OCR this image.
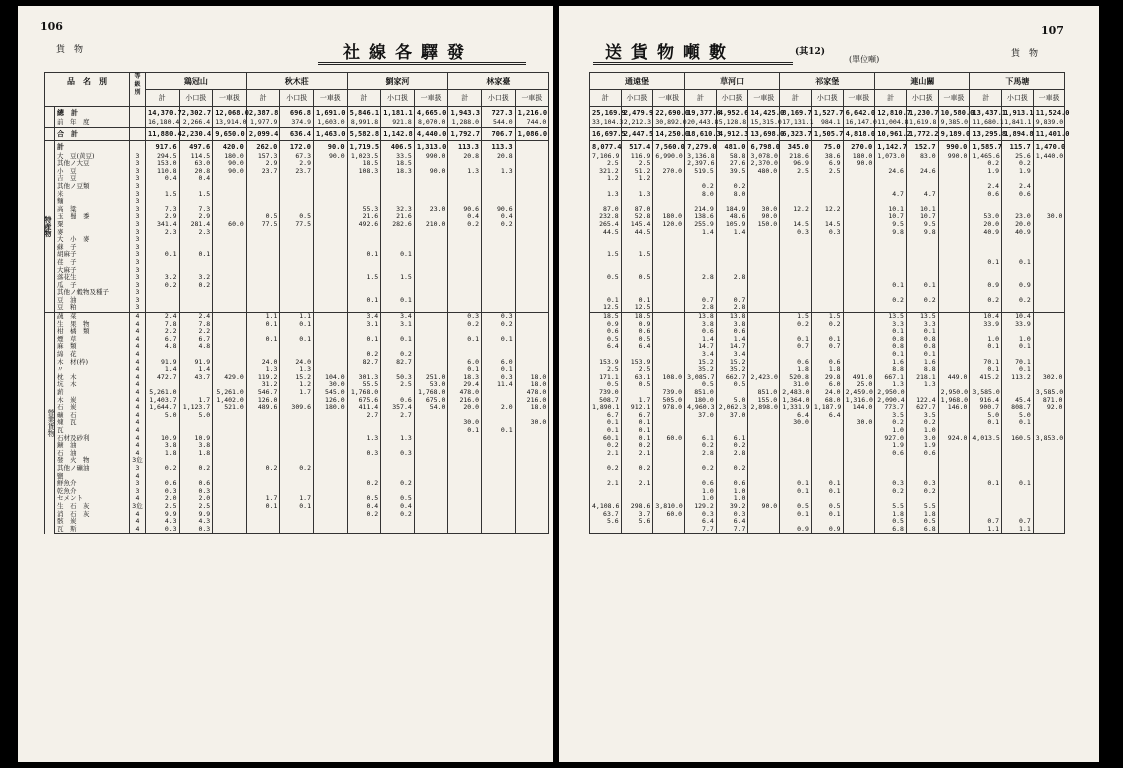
106
貨　物	社線各驛發
品　名　別		等級別	鶏冠山			秋木莊			劉家河			林家臺		
			計	小口扱	一車扱	計	小口扱	一車扱	計	小口扱	一車扱	計	小口扱	一車扱
	總　計		14,370.7	2,302.7	12,068.0	2,387.8	696.8	1,691.0	5,846.1	1,181.1	4,665.0	1,943.3	727.3	1,216.0
	前　年　度		16,180.4	2,266.4	13,914.0	1,977.9	374.9	1,603.0	8,991.8	921.8	8,070.0	1,288.0	544.0	744.0
	合　計		11,880.4	2,230.4	9,650.0	2,099.4	636.4	1,463.0	5,582.8	1,142.8	4,440.0	1,792.7	706.7	1,086.0
特産物	計		917.6	497.6	420.0	262.0	172.0	90.0	1,719.5	406.5	1,313.0	113.3	113.3	
	大　豆(黄豆)	3	294.5	114.5	180.0	157.3	67.3	90.0	1,023.5	33.5	990.0	20.8	20.8	
	其他ノ大豆	3	153.0	63.0	90.0	2.9	2.9		18.5	18.5				
	小　豆	3	110.8	20.8	90.0	23.7	23.7		108.3	18.3	90.0	1.3	1.3	
	吉　豆	3	0.4	0.4										
	其他ノ豆類	3												
	米	3	1.5	1.5										
	麵	3												
	高　粱	3	7.3	7.3					55.3	32.3	23.0	90.6	90.6	
	玉　蜀　黍	3	2.9	2.9		0.5	0.5		21.6	21.6		0.4	0.4	
	粟	3	341.4	281.4	60.0	77.5	77.5		492.6	282.6	210.0	0.2	0.2	
	麥	3	2.3	2.3										
	大　小　麥	3												
	蘇　子	3												
	胡麻子	3	0.1	0.1					0.1	0.1				
	荏　子	3												
	大麻子	3												
	落花生	3	3.2	3.2					1.5	1.5				
	瓜　子	3	0.2	0.2										
	其他ノ穀物及種子	3												
	豆　油	3							0.1	0.1				
	豆　粕	3												
營業貨物	蔬　菜	4	2.4	2.4		1.1	1.1		3.4	3.4		0.3	0.3	
	生　果　物	4	7.8	7.8		0.1	0.1		3.1	3.1		0.2	0.2	
	柑　橘　類	4	2.2	2.2										
	煙　草	4	6.7	6.7		0.1	0.1		0.1	0.1		0.1	0.1	
	麻　類	4	4.8	4.8										
	綿　花	4							0.2	0.2				
	木　材(枠)	4	91.9	91.9		24.0	24.0		82.7	82.7		6.0	6.0	
	〃	4	1.4	1.4		1.3	1.3					0.1	0.1	
	枕　木	4	472.7	43.7	429.0	119.2	15.2	104.0	301.3	50.3	251.0	18.3	0.3	18.0
	坑　木	4				31.2	1.2	30.0	55.5	2.5	53.0	29.4	11.4	18.0
	薪	4	5,261.0		5,261.0	546.7	1.7	545.0	1,768.0		1,768.0	478.0		478.0
	木　炭	4	1,403.7	1.7	1,402.0	126.0		126.0	675.6	0.6	675.0	216.0		216.0
	石　炭	4	1,644.7	1,123.7	521.0	489.6	309.6	180.0	411.4	357.4	54.0	20.0	2.0	18.0
	礦　石	4	5.0	5.0					2.7	2.7				
	煉　瓦	4										30.0		30.0
	瓦	4										0.1	0.1	
	石材及砂利	4	10.9	10.9					1.3	1.3				
	鑛　油	4	3.8	3.8										
	石　油	4	1.8	1.8					0.3	0.3				
	發　火　物	3危												
	其他ノ礦油	3	0.2	0.2		0.2	0.2							
	鹽	4												
	鮮魚介	3	0.6	0.6					0.2	0.2				
	乾魚介	3	0.3	0.3										
	セメント	4	2.0	2.0		1.7	1.7		0.5	0.5				
	生　石　灰	3危	2.5	2.5		0.1	0.1		0.4	0.4				
	消　石　灰	4	9.9	9.9					0.2	0.2				
	骸　炭	4	4.3	4.3										
	瓦　斯	4	0.3	0.3										
107
貨　物
送貨物噸數	(其12)
(單位噸)
通遠堡			草河口			祁家堡			連山關			下馬塘		
計	小口扱	一車扱	計	小口扱	一車扱	計	小口扱	一車扱	計	小口扱	一車扱	計	小口扱	一車扱
25,169.9	2,479.9	22,690.0	19,377.6	4,952.6	14,425.0	8,169.7	1,527.7	6,642.0	12,810.7	1,230.7	10,580.0	13,437.1	1,913.1	11,524.0
33,104.3	2,212.3	30,892.0	20,443.8	5,128.8	15,315.0	17,131.1	984.1	16,147.0	11,004.8	1,619.8	9,385.0	11,680.1	1,841.1	9,839.0
16,697.5	2,447.5	14,250.0	18,610.3	4,912.3	13,698.0	6,323.7	1,505.7	4,818.0	10,961.2	1,772.2	9,189.0	13,295.8	1,894.8	11,401.0
8,077.4	517.4	7,560.0	7,279.0	481.0	6,798.0	345.0	75.0	270.0	1,142.7	152.7	990.0	1,585.7	115.7	1,470.0
7,106.9	116.9	6,990.0	3,136.8	58.8	3,078.0	218.6	38.6	180.0	1,073.0	83.0	990.0	1,465.6	25.6	1,440.0
2.5	2.5		2,397.6	27.6	2,370.0	96.9	6.9	90.0				0.2	0.2	
321.2	51.2	270.0	519.5	39.5	480.0	2.5	2.5		24.6	24.6		1.9	1.9	
1.2	1.2													
			0.2	0.2								2.4	2.4	
1.3	1.3		8.0	8.0					4.7	4.7		0.6	0.6	

87.0	87.0		214.9	184.9	30.0	12.2	12.2		10.1	10.1				
232.8	52.8	180.0	138.6	48.6	90.0				10.7	10.7		53.0	23.0	30.0
265.4	145.4	120.0	255.9	105.9	150.0	14.5	14.5		9.5	9.5		20.0	20.0	
44.5	44.5		1.4	1.4		0.3	0.3		9.8	9.8		40.9	40.9	

1.5	1.5													
												0.1	0.1	

0.5	0.5		2.8	2.8										
									0.1	0.1		0.9	0.9	

0.1	0.1		0.7	0.7					0.2	0.2		0.2	0.2	
12.5	12.5		2.8	2.8										
18.5	18.5		13.8	13.8		1.5	1.5		13.5	13.5		10.4	10.4	
0.9	0.9		3.8	3.8		0.2	0.2		3.3	3.3		33.9	33.9	
0.6	0.6		0.6	0.6					0.1	0.1				
0.5	0.5		1.4	1.4		0.1	0.1		0.8	0.8		1.0	1.0	
6.4	6.4		14.7	14.7		0.7	0.7		0.8	0.8		0.1	0.1	
			3.4	3.4					0.1	0.1				
153.9	153.9		15.2	15.2		0.6	0.6		1.6	1.6		70.1	70.1	
2.5	2.5		35.2	35.2		1.8	1.8		8.8	8.8		0.1	0.1	
171.1	63.1	108.0	3,085.7	662.7	2,423.0	520.8	29.8	491.0	667.1	218.1	449.0	415.2	113.2	302.0
0.5	0.5		0.5	0.5		31.0	6.0	25.0	1.3	1.3				
739.0		739.0	851.0		851.0	2,483.0	24.0	2,459.0	2,950.0		2,950.0	3,585.0		3,585.0
508.7	1.7	505.0	180.0	5.0	155.0	1,364.0	68.0	1,316.0	2,090.4	122.4	1,968.0	916.4	45.4	871.0
1,890.1	912.1	978.0	4,960.3	2,062.3	2,898.0	1,331.9	1,187.9	144.0	773.7	627.7	146.0	900.7	808.7	92.0
6.7	6.7		37.0	37.0		6.4	6.4		3.5	3.5		5.0	5.0	
0.1	0.1					30.0		30.0	0.2	0.2		0.1	0.1	
0.1	0.1								1.0	1.0				
60.1	0.1	60.0	6.1	6.1					927.0	3.0	924.0	4,013.5	160.5	3,853.0
0.2	0.2		0.2	0.2					1.9	1.9				
2.1	2.1		2.8	2.8					0.6	0.6				

0.2	0.2		0.2	0.2										

2.1	2.1		0.6	0.6		0.1	0.1		0.3	0.3		0.1	0.1	
			1.0	1.0		0.1	0.1		0.2	0.2				
			1.0	1.0										
4,108.6	298.6	3,810.0	129.2	39.2	90.0	0.5	0.5		5.5	5.5				
63.7	3.7	60.0	0.3	0.3		0.1	0.1		1.8	1.8				
5.6	5.6		6.4	6.4					0.5	0.5		0.7	0.7	
			7.7	7.7		0.9	0.9		6.8	6.8		1.1	1.1	
